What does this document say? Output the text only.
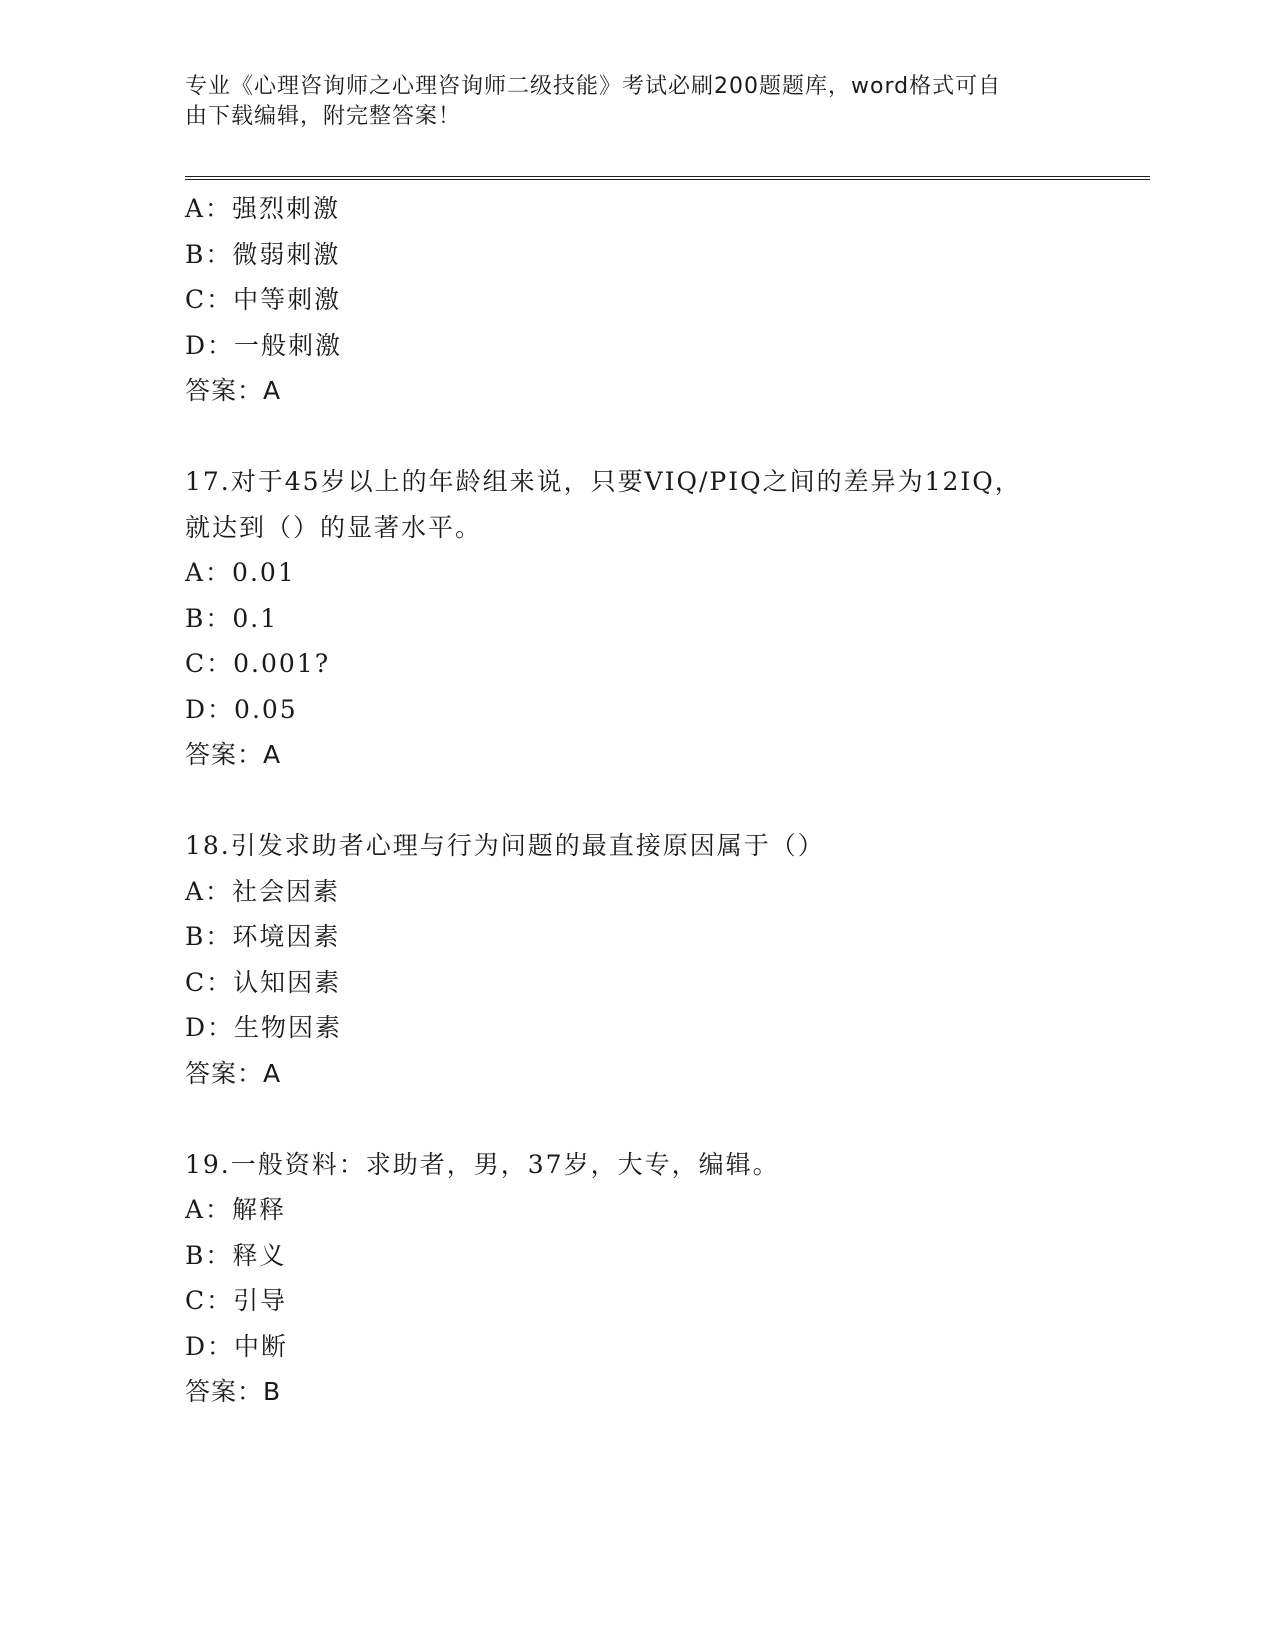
专业《心理咨询师之心理咨询师二级技能》考试必刷200题题库，word格式可自
由下载编辑，附完整答案！
A：强烈刺激
B：微弱刺激
C：中等刺激
D：一般刺激
答案：A
17.对于45岁以上的年龄组来说，只要VIQ/PIQ之间的差异为12IQ，
就达到（）的显著水平。
A：0.01
B：0.1
C：0.001?
D：0.05
答案：A
18.引发求助者心理与行为问题的最直接原因属于（）
A：社会因素
B：环境因素
C：认知因素
D：生物因素
答案：A
19.一般资料：求助者，男，37岁，大专，编辑。
A：解释
B：释义
C：引导
D：中断
答案：B
